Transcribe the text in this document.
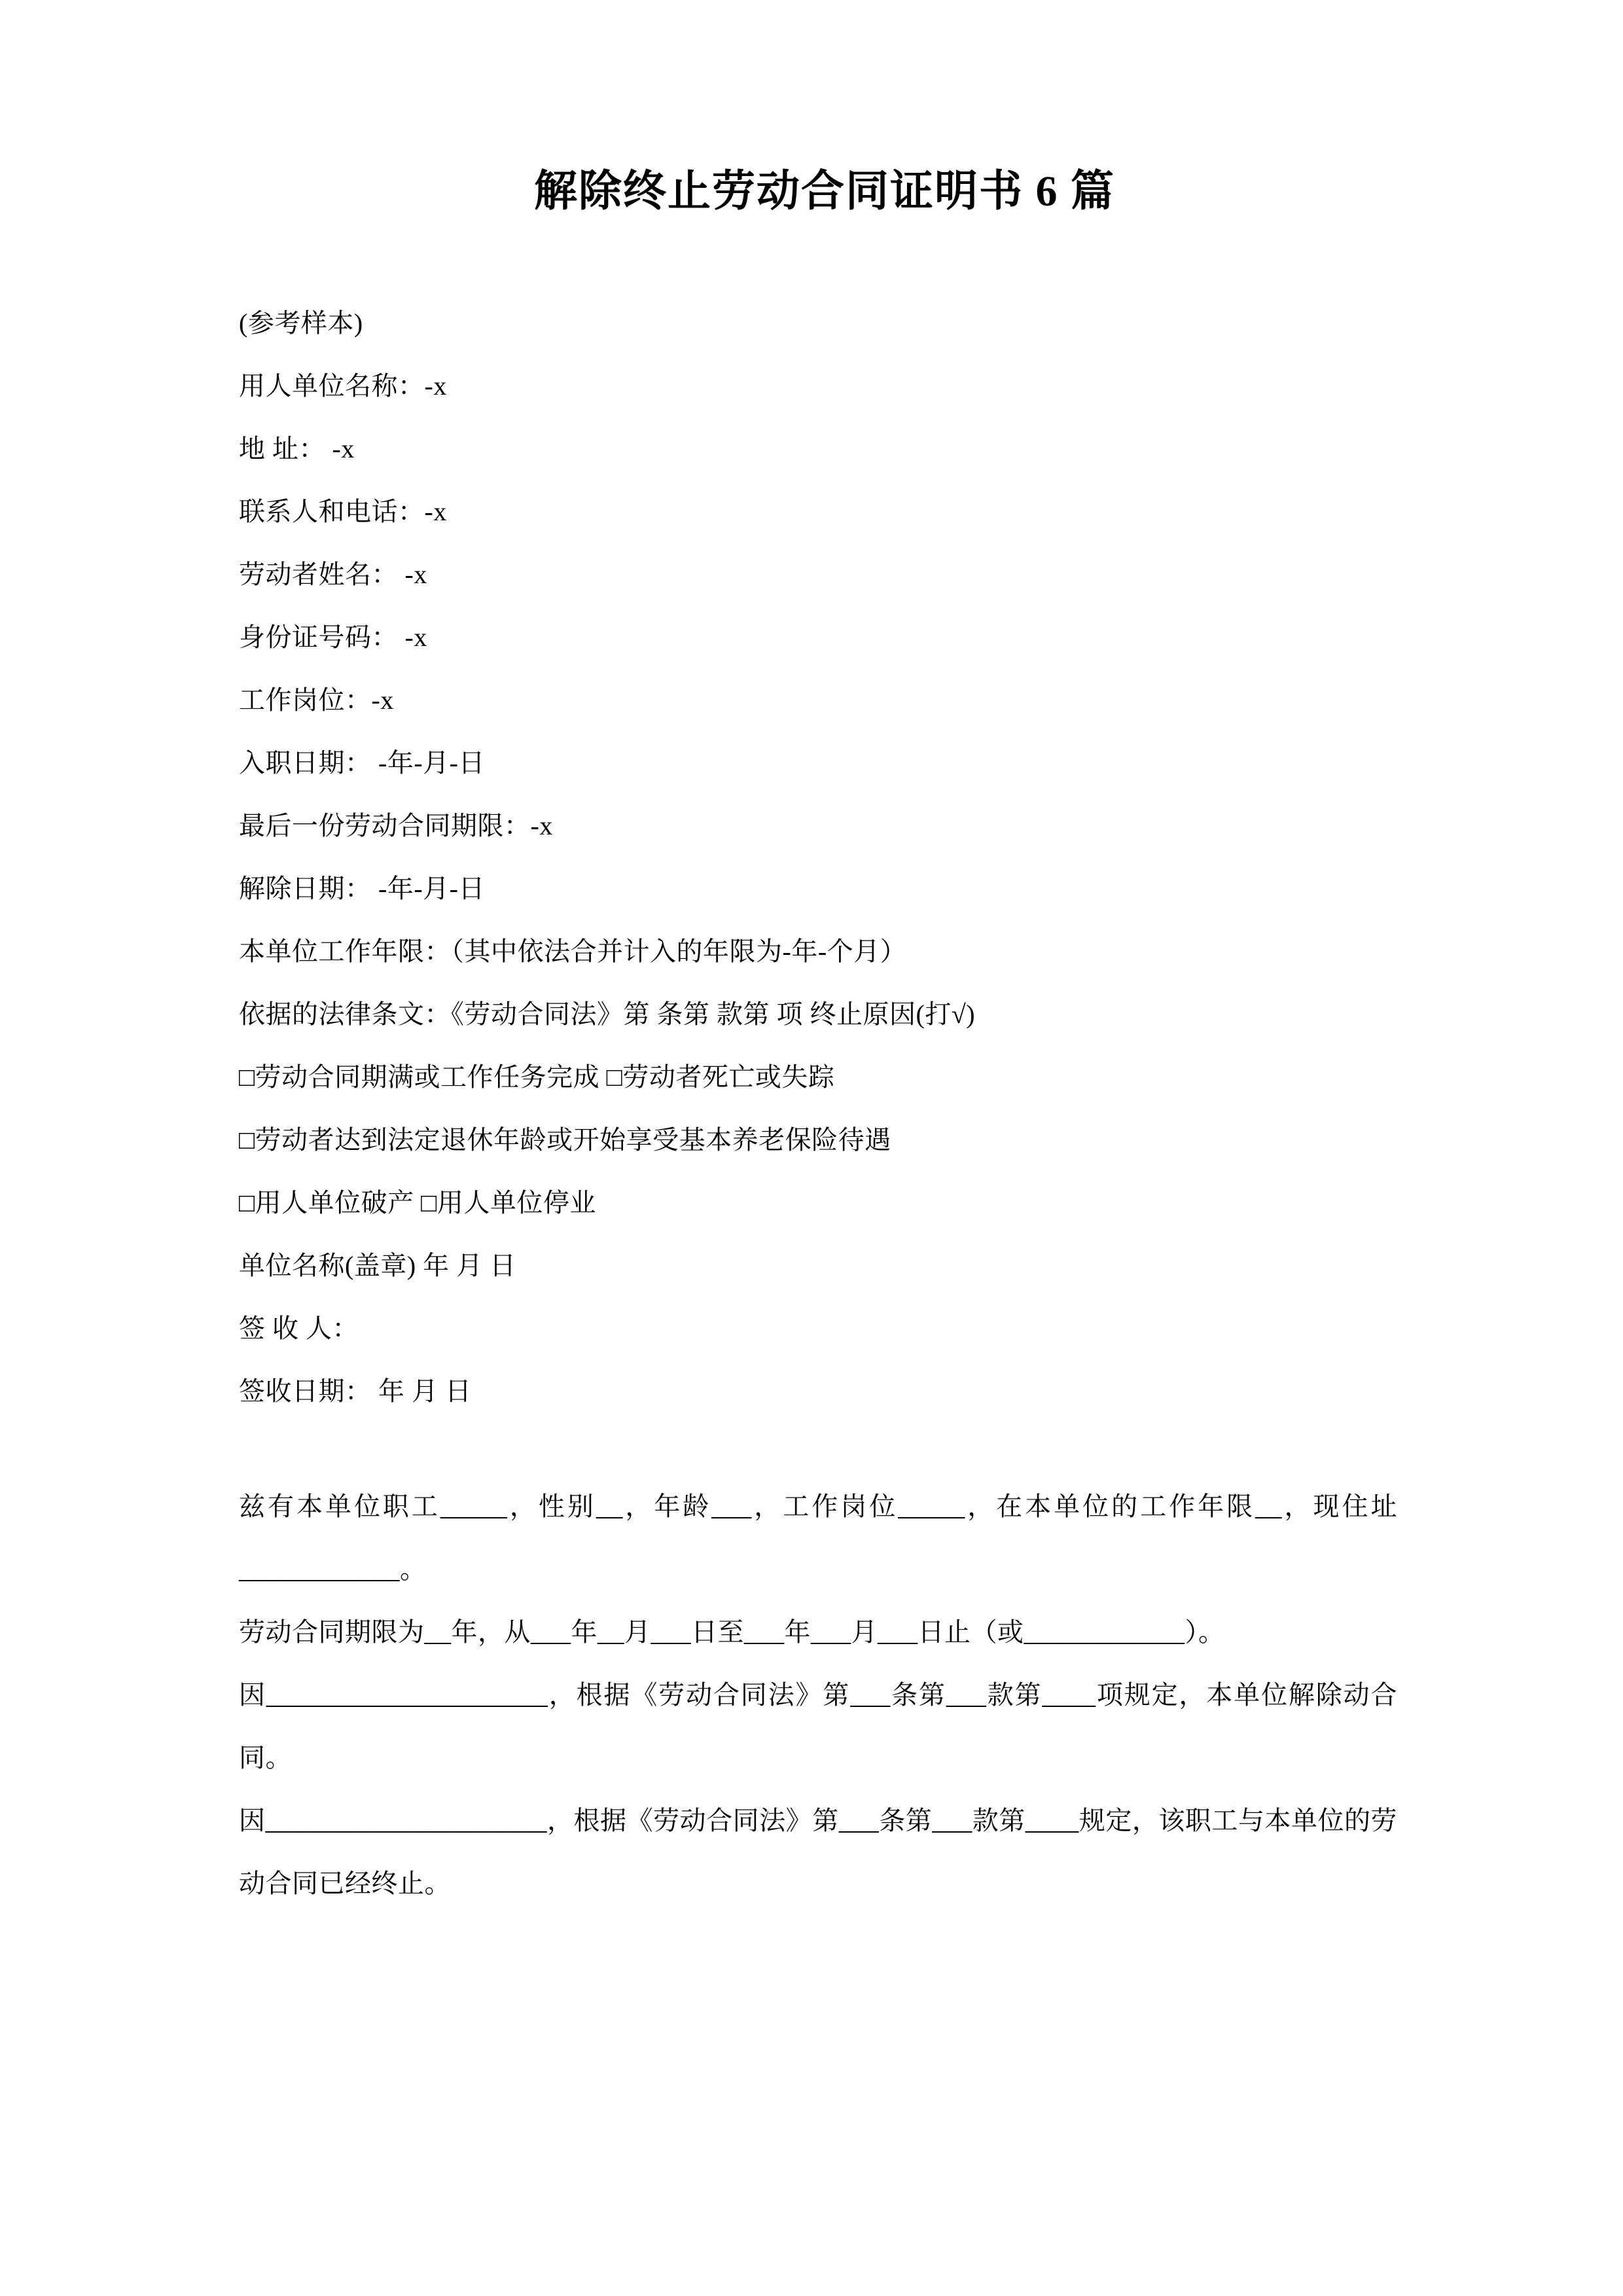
解除终止劳动合同证明书 6 篇
(参考样本)
用人单位名称：-x
地 址： -x
联系人和电话：-x
劳动者姓名： -x
身份证号码： -x
工作岗位：-x
入职日期： -年-月-日
最后一份劳动合同期限：-x
解除日期： -年-月-日
本单位工作年限：（其中依法合并计入的年限为-年-个月）
依据的法律条文：《劳动合同法》第 条第 款第 项 终止原因(打√)
□劳动合同期满或工作任务完成 □劳动者死亡或失踪
□劳动者达到法定退休年龄或开始享受基本养老保险待遇
□用人单位破产 □用人单位停业
单位名称(盖章) 年 月 日
签 收 人：
签收日期： 年 月 日
兹有本单位职工_____，性别__，年龄___，工作岗位_____，在本单位的工作年限__，现住址____________。
劳动合同期限为__年，从___年__月___日至___年___月___日止（或____________）。
因_____________________，根据《劳动合同法》第___条第___款第____项规定，本单位解除动合同。
因_____________________，根据《劳动合同法》第___条第___款第____规定，该职工与本单位的劳动合同已经终止。
